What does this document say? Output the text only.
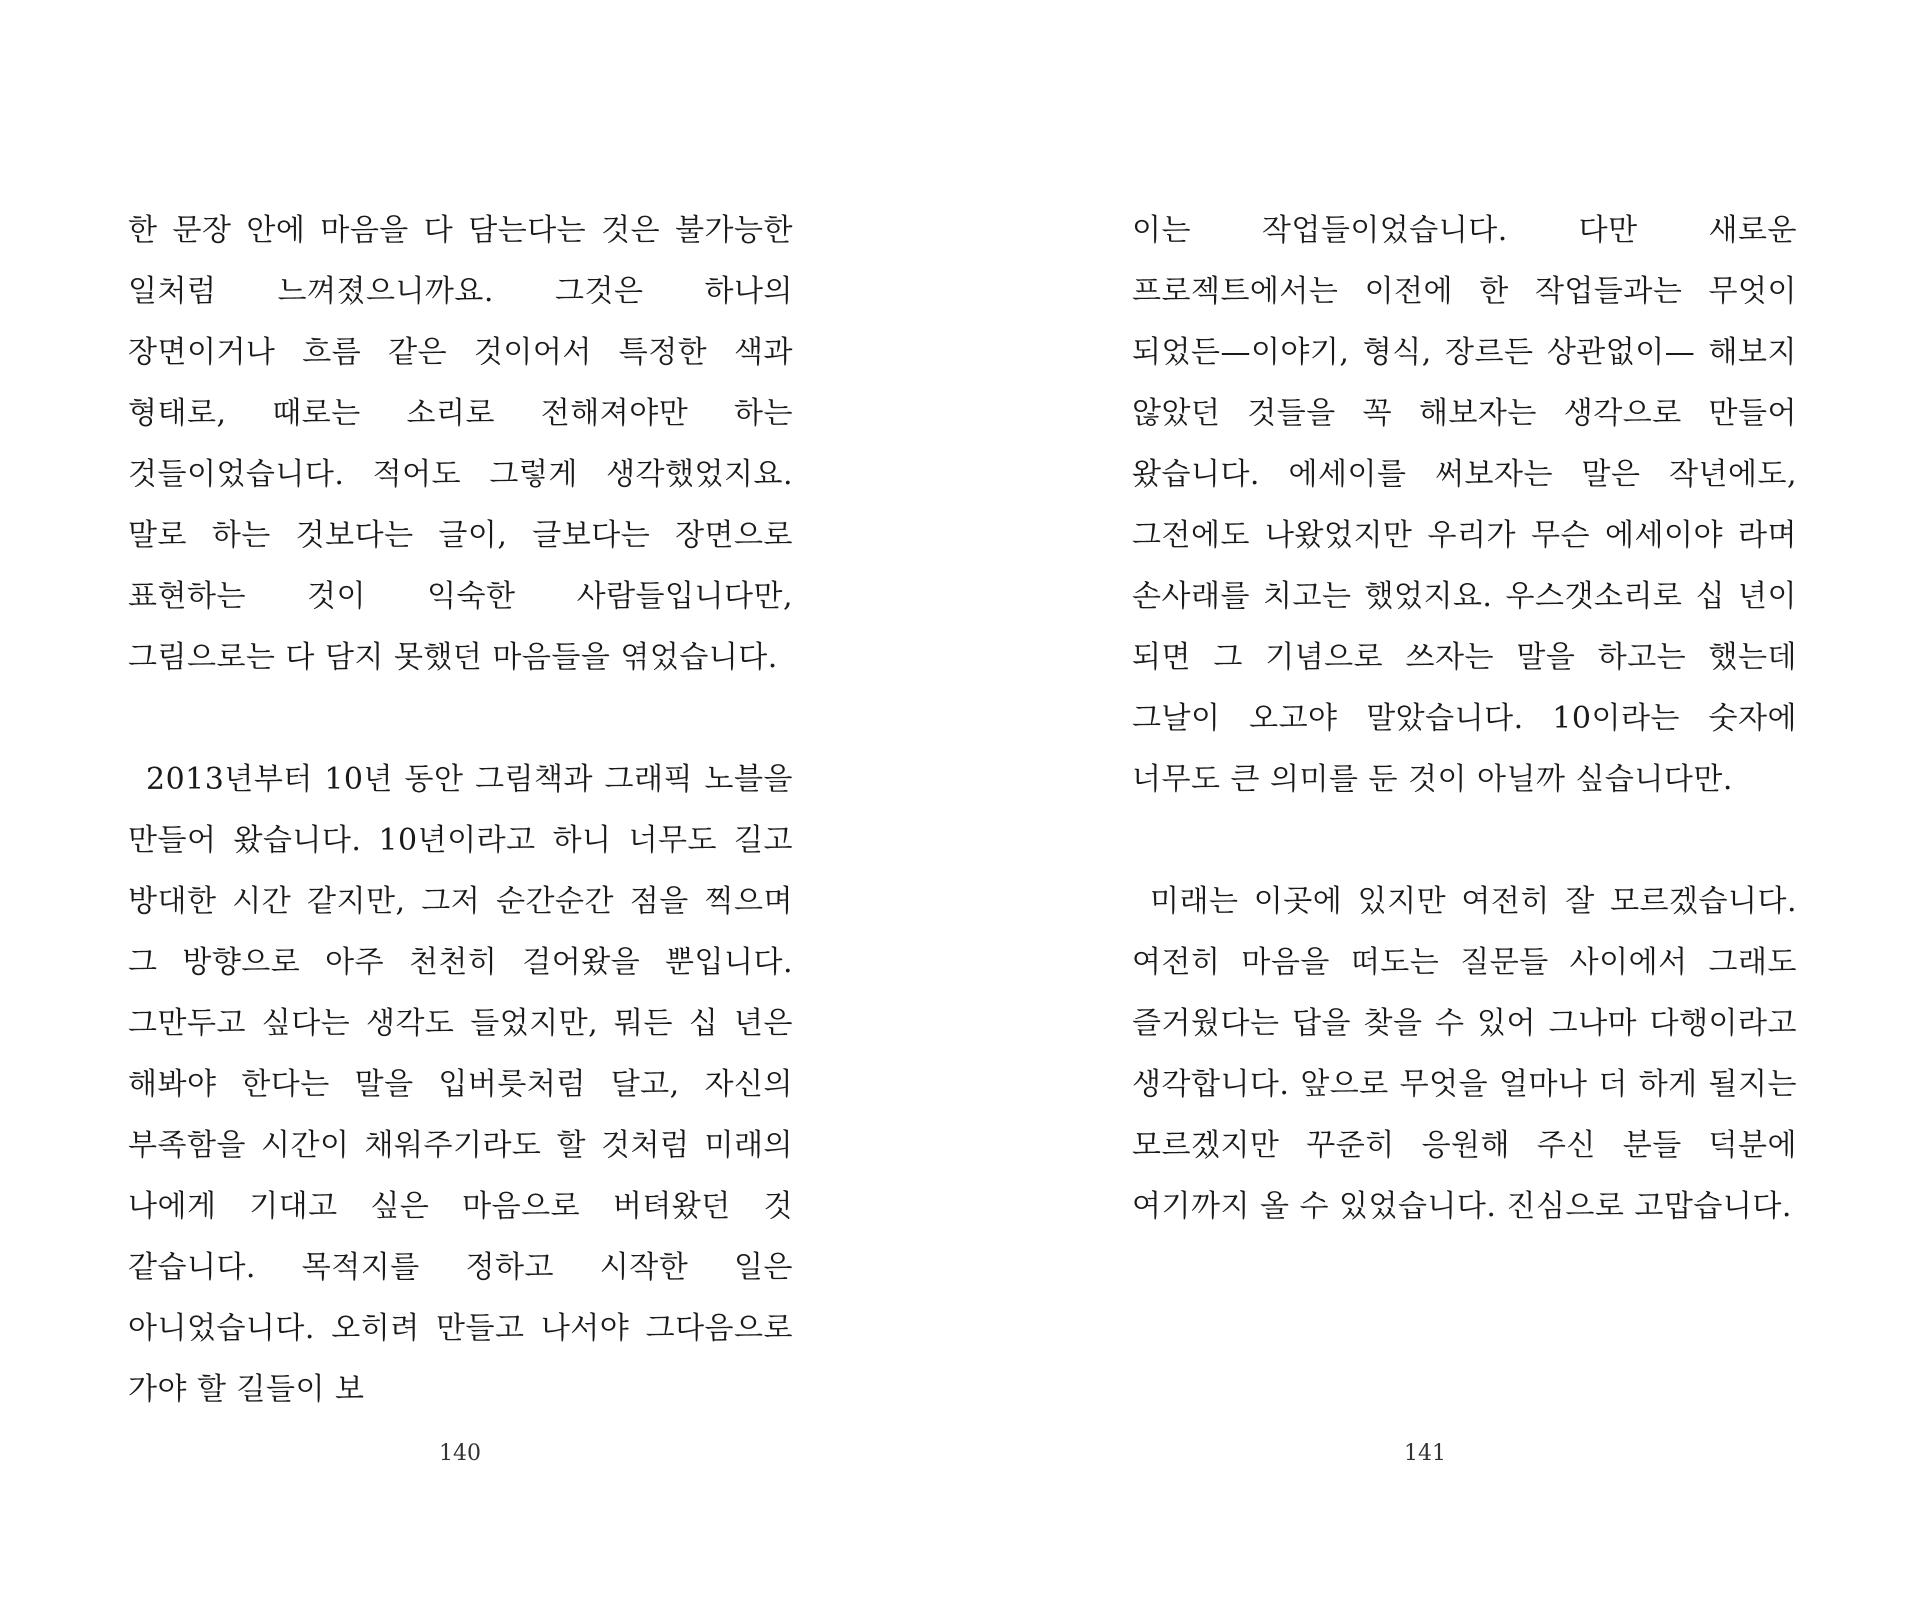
한 문장 안에 마음을 다 담는다는 것은 불가능한 일처럼 느껴졌으니까요. 그것은 하나의 장면이거나 흐름 같은 것이어서 특정한 색과 형태로, 때로는 소리로 전해져야만 하는 것들이었습니다. 적어도 그렇게 생각했었지요. 말로 하는 것보다는 글이, 글보다는 장면으로 표현하는 것이 익숙한 사람들입니다만, 그림으로는 다 담지 못했던 마음들을 엮었습니다.

2013년부터 10년 동안 그림책과 그래픽 노블을 만들어 왔습니다. 10년이라고 하니 너무도 길고 방대한 시간 같지만, 그저 순간순간 점을 찍으며 그 방향으로 아주 천천히 걸어왔을 뿐입니다. 그만두고 싶다는 생각도 들었지만, 뭐든 십 년은 해봐야 한다는 말을 입버릇처럼 달고, 자신의 부족함을 시간이 채워주기라도 할 것처럼 미래의 나에게 기대고 싶은 마음으로 버텨왔던 것 같습니다. 목적지를 정하고 시작한 일은 아니었습니다. 오히려 만들고 나서야 그다음으로 가야 할 길들이 보

140

이는 작업들이었습니다. 다만 새로운 프로젝트에서는 이전에 한 작업들과는 무엇이 되었든—이야기, 형식, 장르든 상관없이— 해보지 않았던 것들을 꼭 해보자는 생각으로 만들어 왔습니다. 에세이를 써보자는 말은 작년에도, 그전에도 나왔었지만 우리가 무슨 에세이야 라며 손사래를 치고는 했었지요. 우스갯소리로 십 년이 되면 그 기념으로 쓰자는 말을 하고는 했는데 그날이 오고야 말았습니다. 10이라는 숫자에 너무도 큰 의미를 둔 것이 아닐까 싶습니다만.

미래는 이곳에 있지만 여전히 잘 모르겠습니다. 여전히 마음을 떠도는 질문들 사이에서 그래도 즐거웠다는 답을 찾을 수 있어 그나마 다행이라고 생각합니다. 앞으로 무엇을 얼마나 더 하게 될지는 모르겠지만 꾸준히 응원해 주신 분들 덕분에 여기까지 올 수 있었습니다. 진심으로 고맙습니다.

141
